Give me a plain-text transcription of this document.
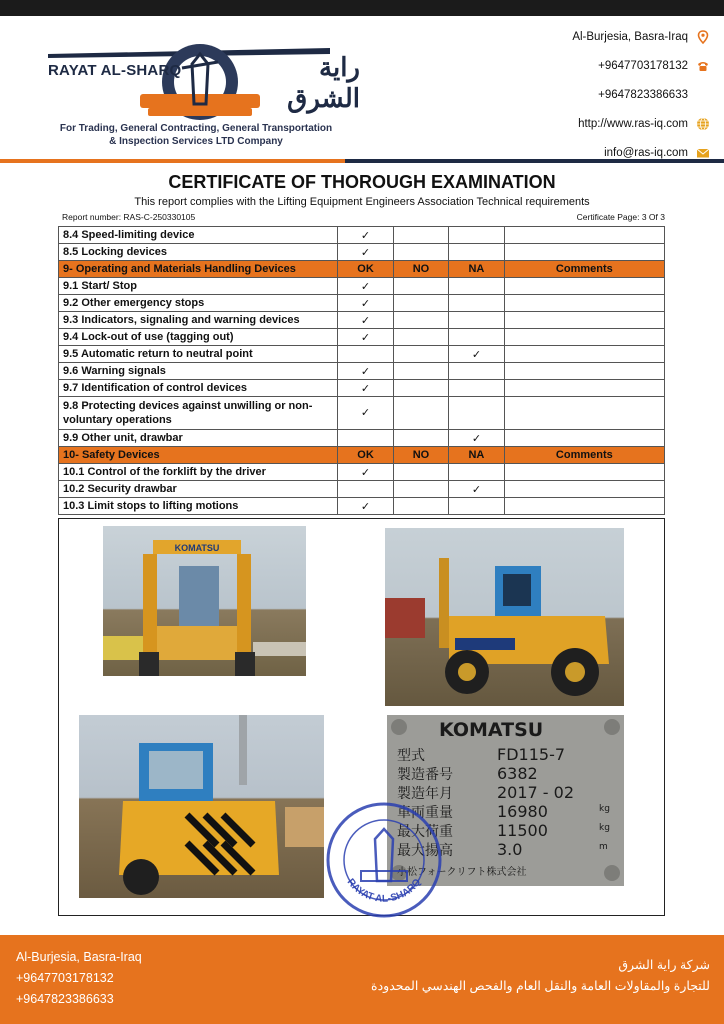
RAYAT AL-SHARQ	راية الشرق
For Trading, General Contracting, General Transportation
& Inspection Services LTD Company
Al-Burjesia, Basra-Iraq
+9647703178132
+9647823386633
http://www.ras-iq.com
info@ras-iq.com
CERTIFICATE OF THOROUGH EXAMINATION
This report complies with the Lifting Equipment Engineers Association Technical requirements
Report number: RAS-C-250330105	Certificate Page: 3 Of 3
8.4 Speed-limiting device	✓			
8.5 Locking devices	✓			
9- Operating and Materials Handling Devices	OK	NO	NA	Comments
9.1 Start/ Stop	✓			
9.2 Other emergency stops	✓			
9.3 Indicators, signaling and warning devices	✓			
9.4 Lock-out of use (tagging out)	✓			
9.5 Automatic return to neutral point			✓	
9.6 Warning signals	✓			
9.7 Identification of control devices	✓			
9.8 Protecting devices against unwilling or non-voluntary operations	✓			
9.9 Other unit, drawbar			✓	
10- Safety Devices	OK	NO	NA	Comments
10.1 Control of the forklift by the driver	✓			
10.2 Security drawbar			✓	
10.3 Limit stops to lifting motions	✓			
KOMATSU
KOMATSU
型式	FD115-7
製造番号	6382
製造年月	2017 - 02
車両重量	16980	kg
最大荷重	11500	kg
最大揚高	3.0	m
小松フォークリフト株式会社
RAYAT AL-SHARQ
Al-Burjesia, Basra-Iraq
+9647703178132
+9647823386633
شركة راية الشرق
للتجارة والمقاولات العامة والنقل العام والفحص الهندسي المحدودة
